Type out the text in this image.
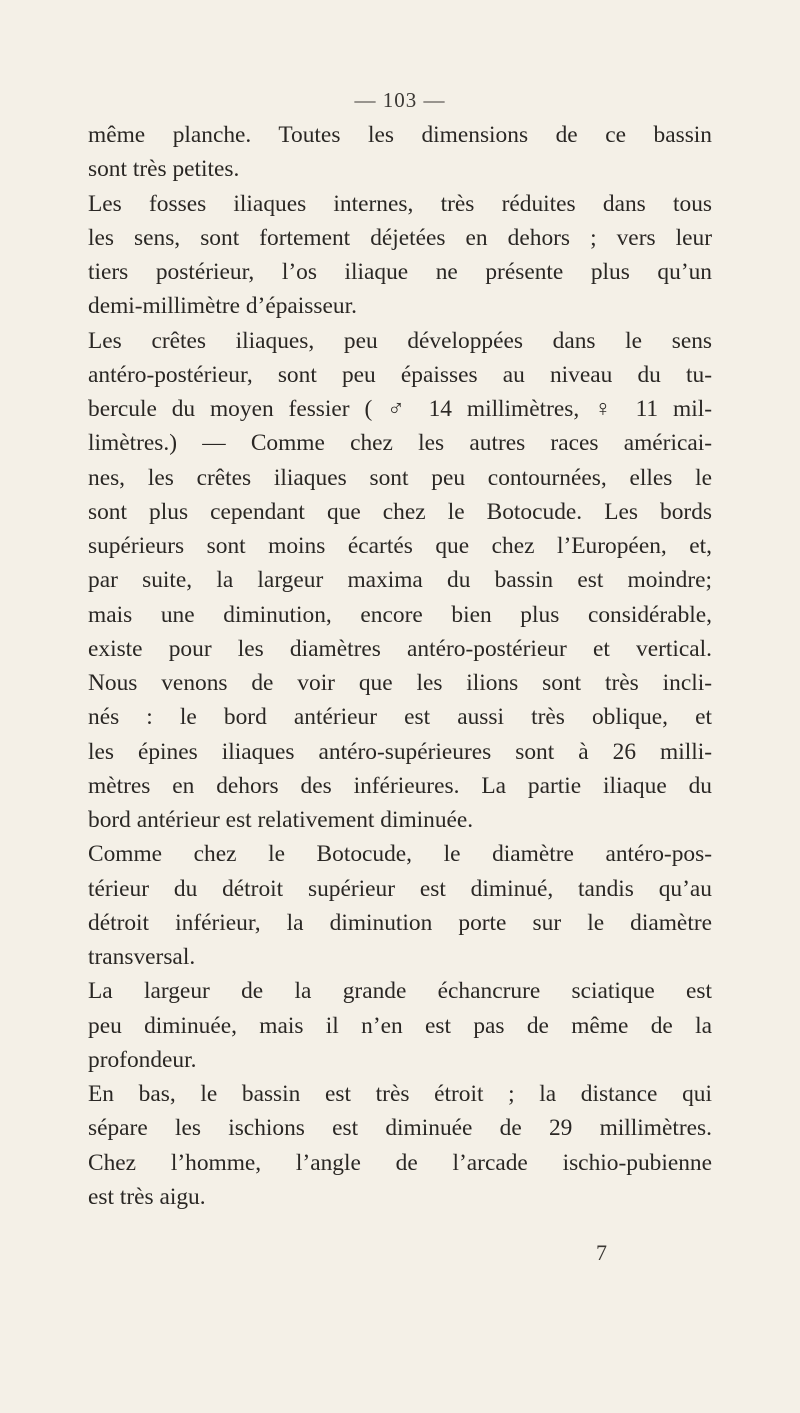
— 103 —
même planche. Toutes les dimensions de ce bassin
sont très petites.
Les fosses iliaques internes, très réduites dans tous
les sens, sont fortement déjetées en dehors ; vers leur
tiers postérieur, l’os iliaque ne présente plus qu’un
demi-millimètre d’épaisseur.
Les crêtes iliaques, peu développées dans le sens
antéro-postérieur, sont peu épaisses au niveau du tu-
bercule du moyen fessier ( ♂ 14 millimètres, ♀ 11 mil-
limètres.) — Comme chez les autres races américai-
nes, les crêtes iliaques sont peu contournées, elles le
sont plus cependant que chez le Botocude. Les bords
supérieurs sont moins écartés que chez l’Européen, et,
par suite, la largeur maxima du bassin est moindre;
mais une diminution, encore bien plus considérable,
existe pour les diamètres antéro-postérieur et vertical.
Nous venons de voir que les ilions sont très incli-
nés : le bord antérieur est aussi très oblique, et
les épines iliaques antéro-supérieures sont à 26 milli-
mètres en dehors des inférieures. La partie iliaque du
bord antérieur est relativement diminuée.
Comme chez le Botocude, le diamètre antéro-pos-
térieur du détroit supérieur est diminué, tandis qu’au
détroit inférieur, la diminution porte sur le diamètre
transversal.
La largeur de la grande échancrure sciatique est
peu diminuée, mais il n’en est pas de même de la
profondeur.
En bas, le bassin est très étroit ; la distance qui
sépare les ischions est diminuée de 29 millimètres.
Chez l’homme, l’angle de l’arcade ischio-pubienne
est très aigu.
7
